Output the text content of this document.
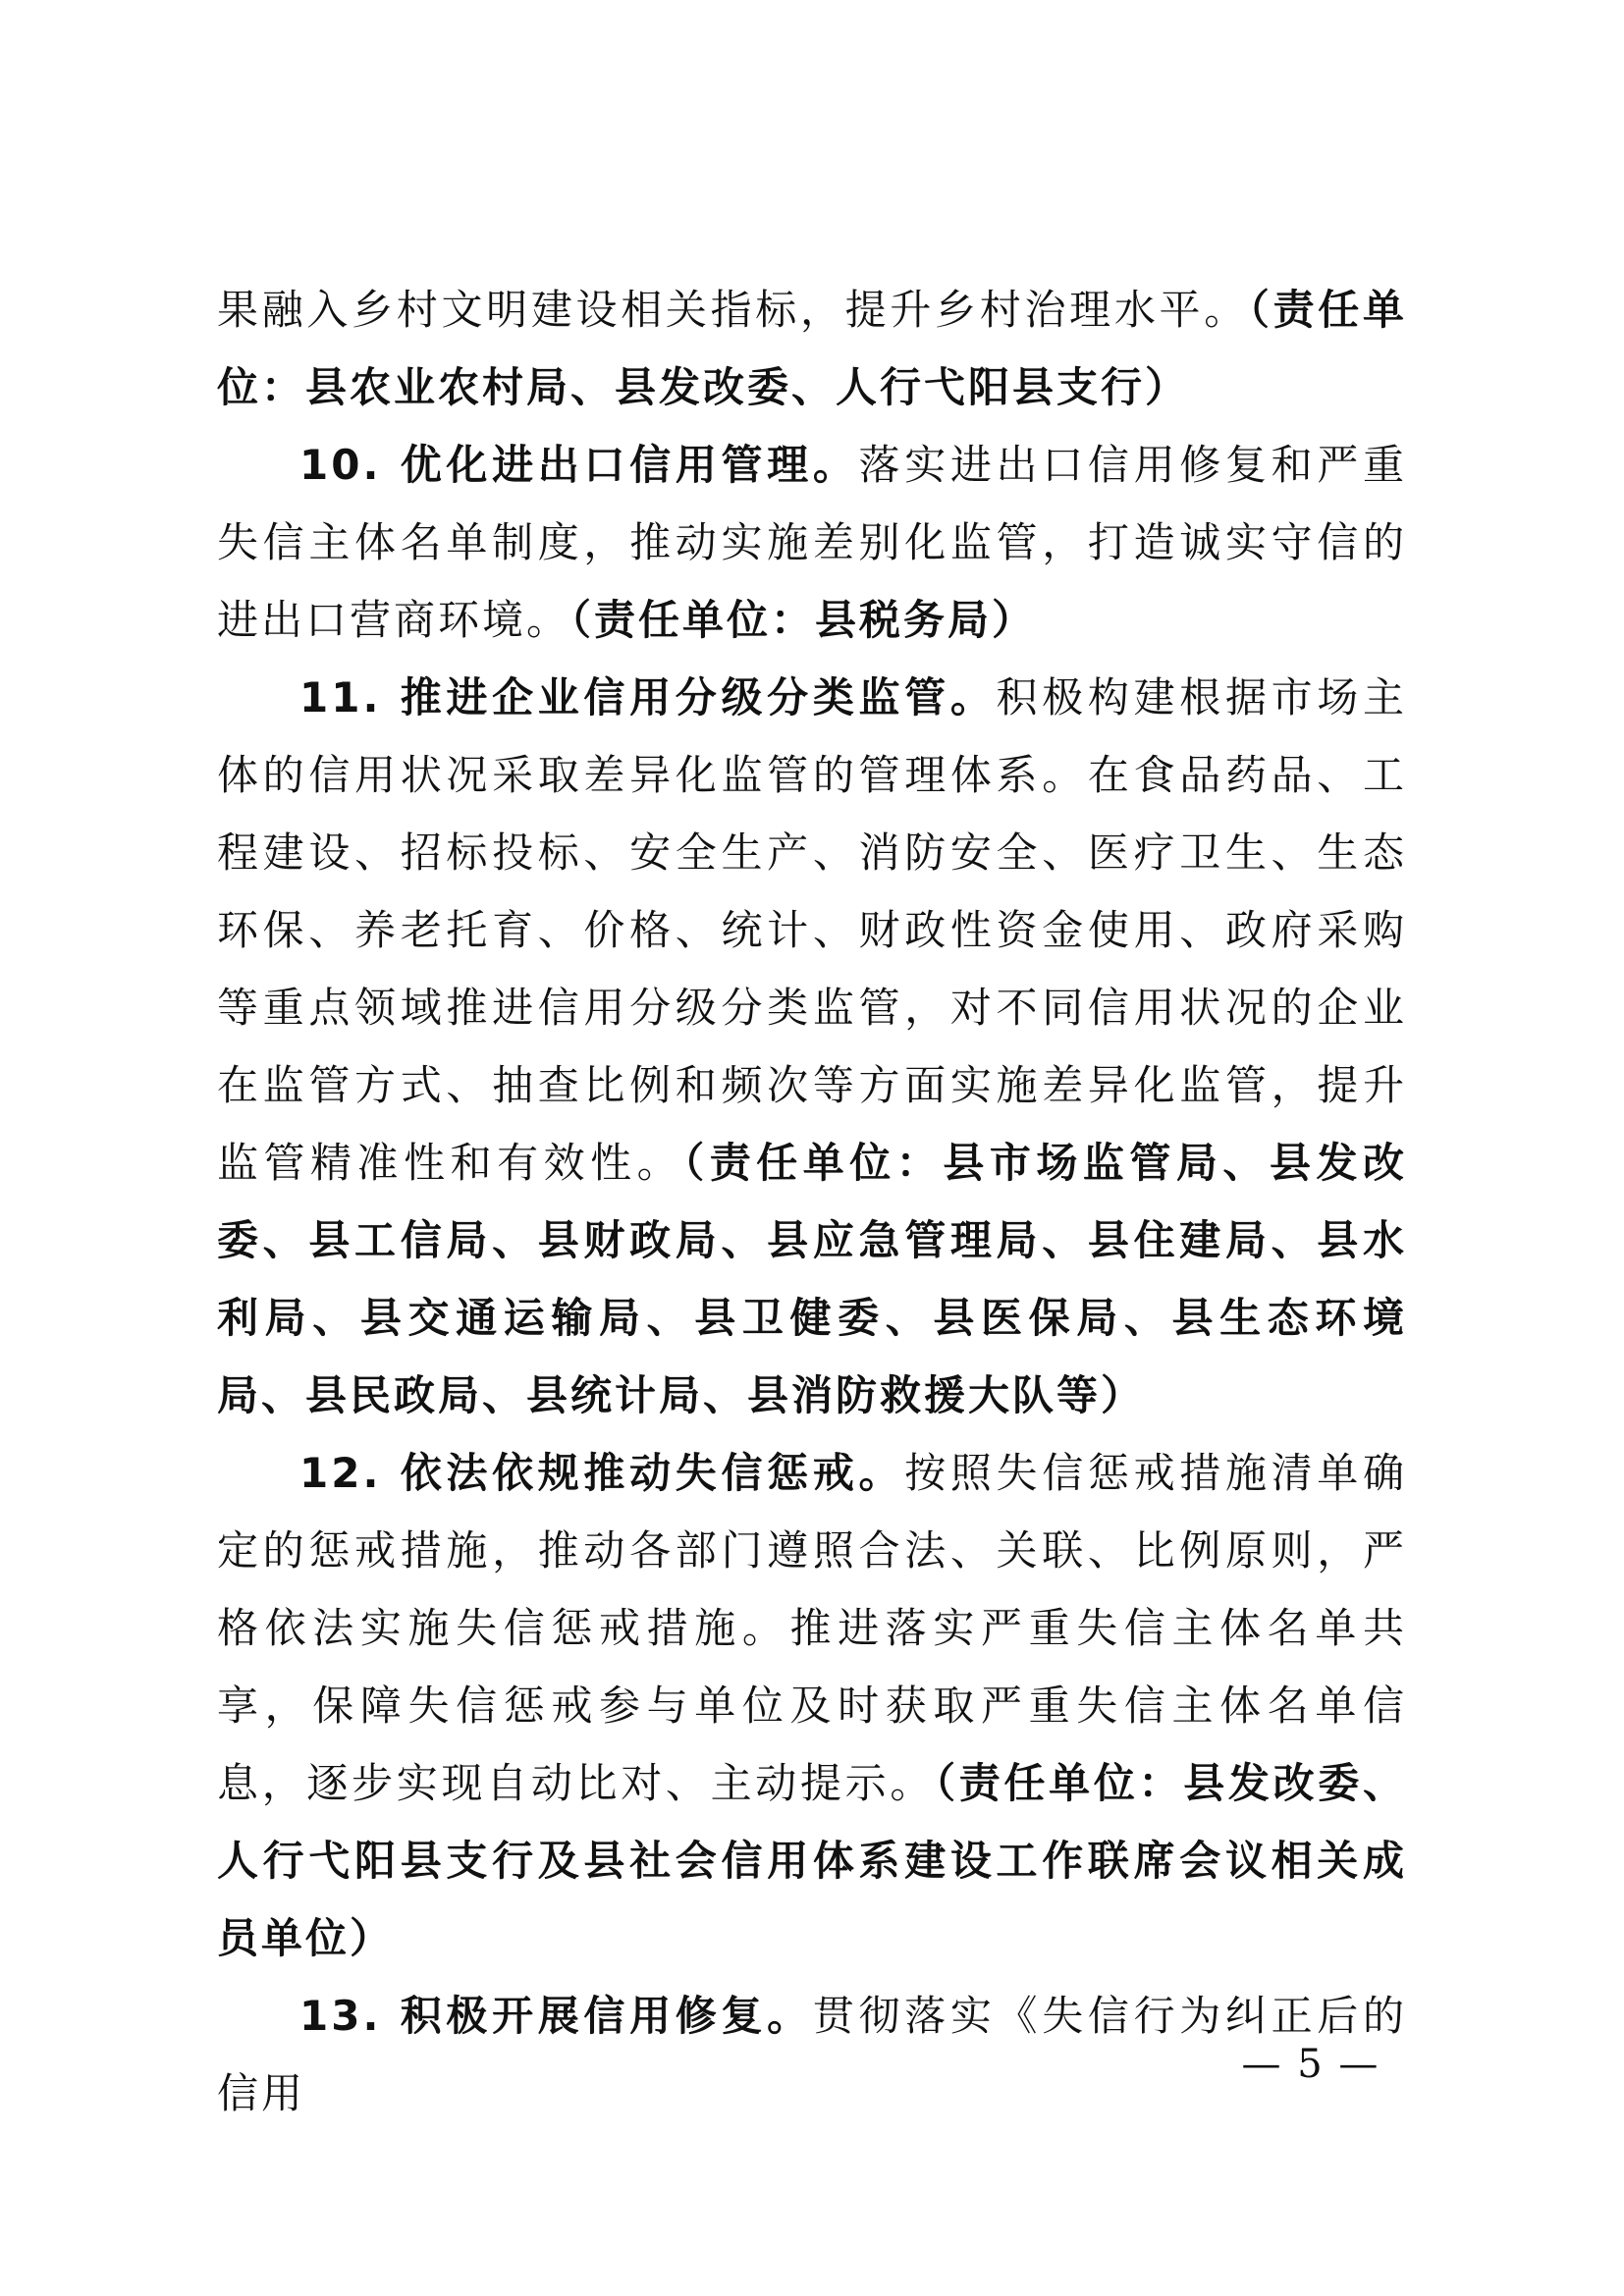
果融入乡村文明建设相关指标，提升乡村治理水平。（责任单位：县农业农村局、县发改委、人行弋阳县支行）

10. 优化进出口信用管理。落实进出口信用修复和严重失信主体名单制度，推动实施差别化监管，打造诚实守信的进出口营商环境。（责任单位：县税务局）

11. 推进企业信用分级分类监管。积极构建根据市场主体的信用状况采取差异化监管的管理体系。在食品药品、工程建设、招标投标、安全生产、消防安全、医疗卫生、生态环保、养老托育、价格、统计、财政性资金使用、政府采购等重点领域推进信用分级分类监管，对不同信用状况的企业在监管方式、抽查比例和频次等方面实施差异化监管，提升监管精准性和有效性。（责任单位：县市场监管局、县发改委、县工信局、县财政局、县应急管理局、县住建局、县水利局、县交通运输局、县卫健委、县医保局、县生态环境局、县民政局、县统计局、县消防救援大队等）

12. 依法依规推动失信惩戒。按照失信惩戒措施清单确定的惩戒措施，推动各部门遵照合法、关联、比例原则，严格依法实施失信惩戒措施。推进落实严重失信主体名单共享，保障失信惩戒参与单位及时获取严重失信主体名单信息，逐步实现自动比对、主动提示。（责任单位：县发改委、人行弋阳县支行及县社会信用体系建设工作联席会议相关成员单位）

13. 积极开展信用修复。贯彻落实《失信行为纠正后的信用

— 5 —
